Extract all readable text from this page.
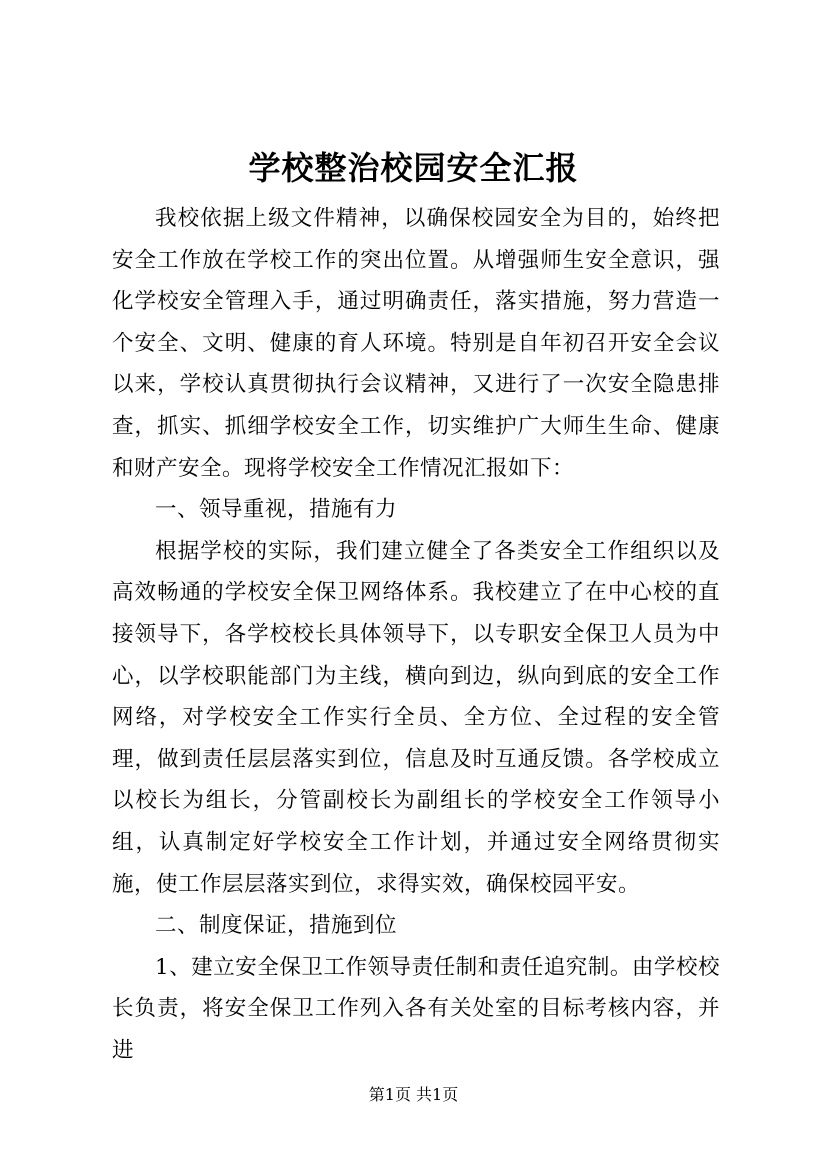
学校整治校园安全汇报

我校依据上级文件精神，以确保校园安全为目的，始终把安全工作放在学校工作的突出位置。从增强师生安全意识，强化学校安全管理入手，通过明确责任，落实措施，努力营造一个安全、文明、健康的育人环境。特别是自年初召开安全会议以来，学校认真贯彻执行会议精神，又进行了一次安全隐患排查，抓实、抓细学校安全工作，切实维护广大师生生命、健康和财产安全。现将学校安全工作情况汇报如下：

一、领导重视，措施有力

根据学校的实际，我们建立健全了各类安全工作组织以及高效畅通的学校安全保卫网络体系。我校建立了在中心校的直接领导下，各学校校长具体领导下，以专职安全保卫人员为中心，以学校职能部门为主线，横向到边，纵向到底的安全工作网络，对学校安全工作实行全员、全方位、全过程的安全管理，做到责任层层落实到位，信息及时互通反馈。各学校成立以校长为组长，分管副校长为副组长的学校安全工作领导小组，认真制定好学校安全工作计划，并通过安全网络贯彻实施，使工作层层落实到位，求得实效，确保校园平安。

二、制度保证，措施到位

1、建立安全保卫工作领导责任制和责任追究制。由学校校长负责，将安全保卫工作列入各有关处室的目标考核内容，并进

第1页 共1页
